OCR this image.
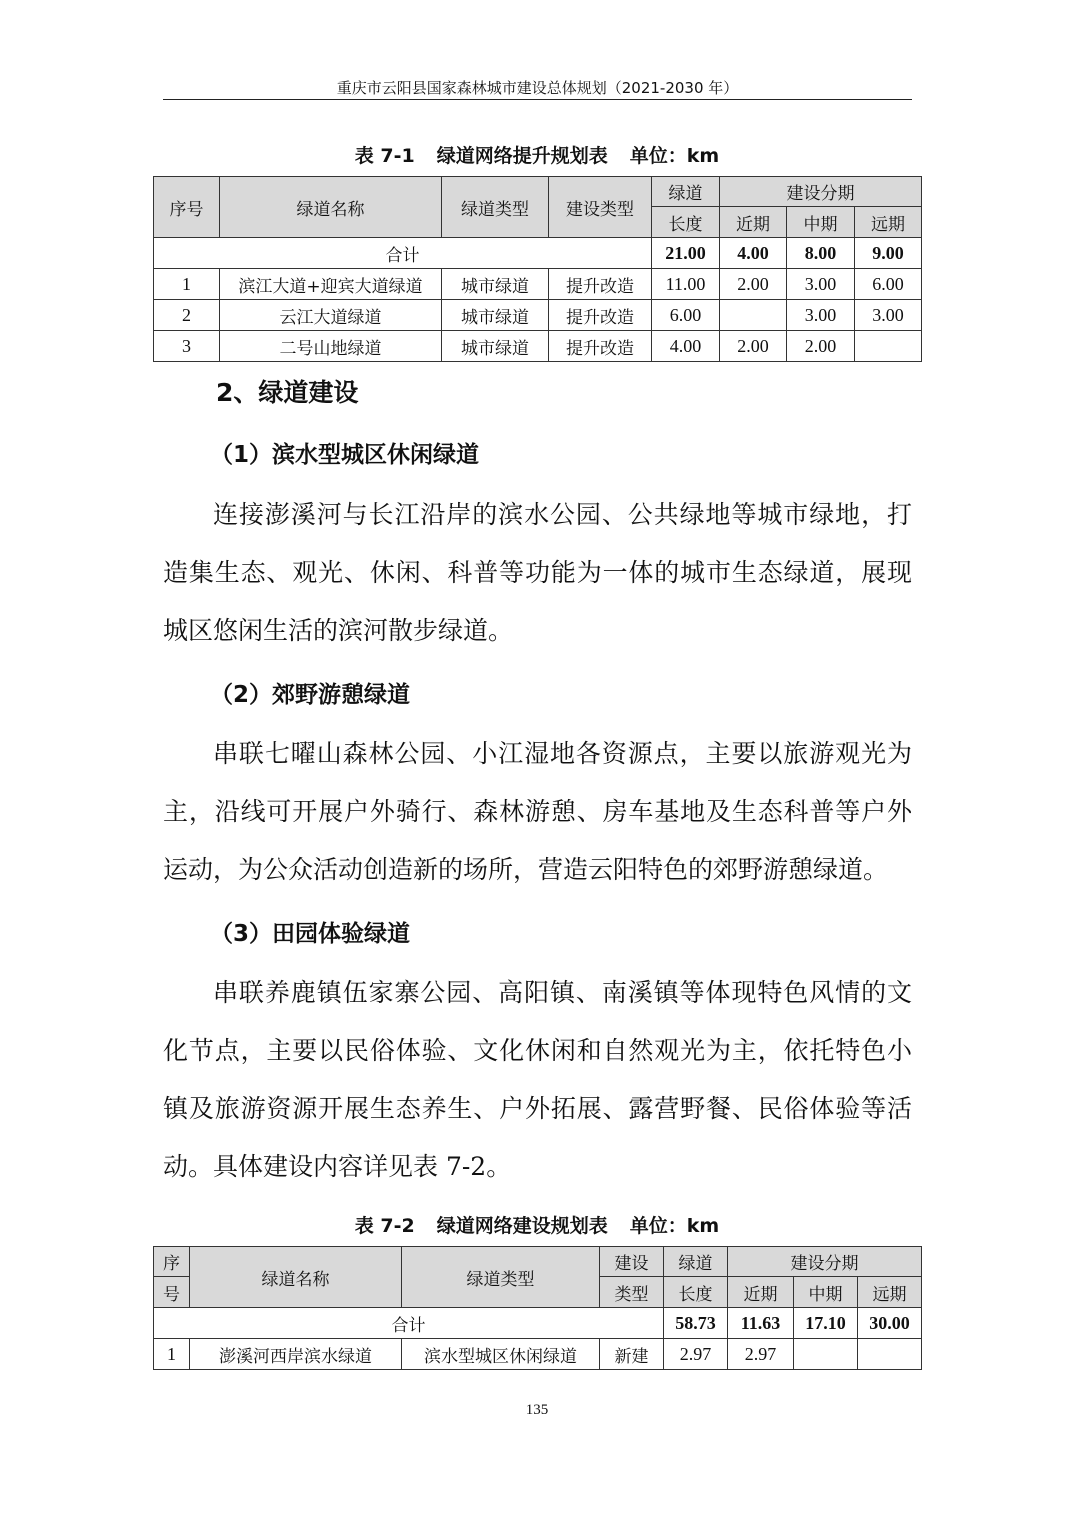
重庆市云阳县国家森林城市建设总体规划（2021-2030 年）
表 7-1 绿道网络提升规划表 单位：km
序号	绿道名称	绿道类型	建设类型	绿道	建设分期		
				长度	近期	中期	远期
合计				21.00	4.00	8.00	9.00
1	滨江大道+迎宾大道绿道	城市绿道	提升改造	11.00	2.00	3.00	6.00
2	云江大道绿道	城市绿道	提升改造	6.00		3.00	3.00
3	二号山地绿道	城市绿道	提升改造	4.00	2.00	2.00	
2、绿道建设
（1）滨水型城区休闲绿道
连接澎溪河与长江沿岸的滨水公园、公共绿地等城市绿地，打造集生态、观光、休闲、科普等功能为一体的城市生态绿道，展现城区悠闲生活的滨河散步绿道。
（2）郊野游憩绿道
串联七曜山森林公园、小江湿地各资源点，主要以旅游观光为主，沿线可开展户外骑行、森林游憩、房车基地及生态科普等户外运动，为公众活动创造新的场所，营造云阳特色的郊野游憩绿道。
（3）田园体验绿道
串联养鹿镇伍家寨公园、高阳镇、南溪镇等体现特色风情的文化节点，主要以民俗体验、文化休闲和自然观光为主，依托特色小镇及旅游资源开展生态养生、户外拓展、露营野餐、民俗体验等活动。具体建设内容详见表 7-2。
表 7-2 绿道网络建设规划表 单位：km
序	绿道名称	绿道类型	建设	绿道	建设分期		
号			类型	长度	近期	中期	远期
合计				58.73	11.63	17.10	30.00
1	澎溪河西岸滨水绿道	滨水型城区休闲绿道	新建	2.97	2.97		
135
